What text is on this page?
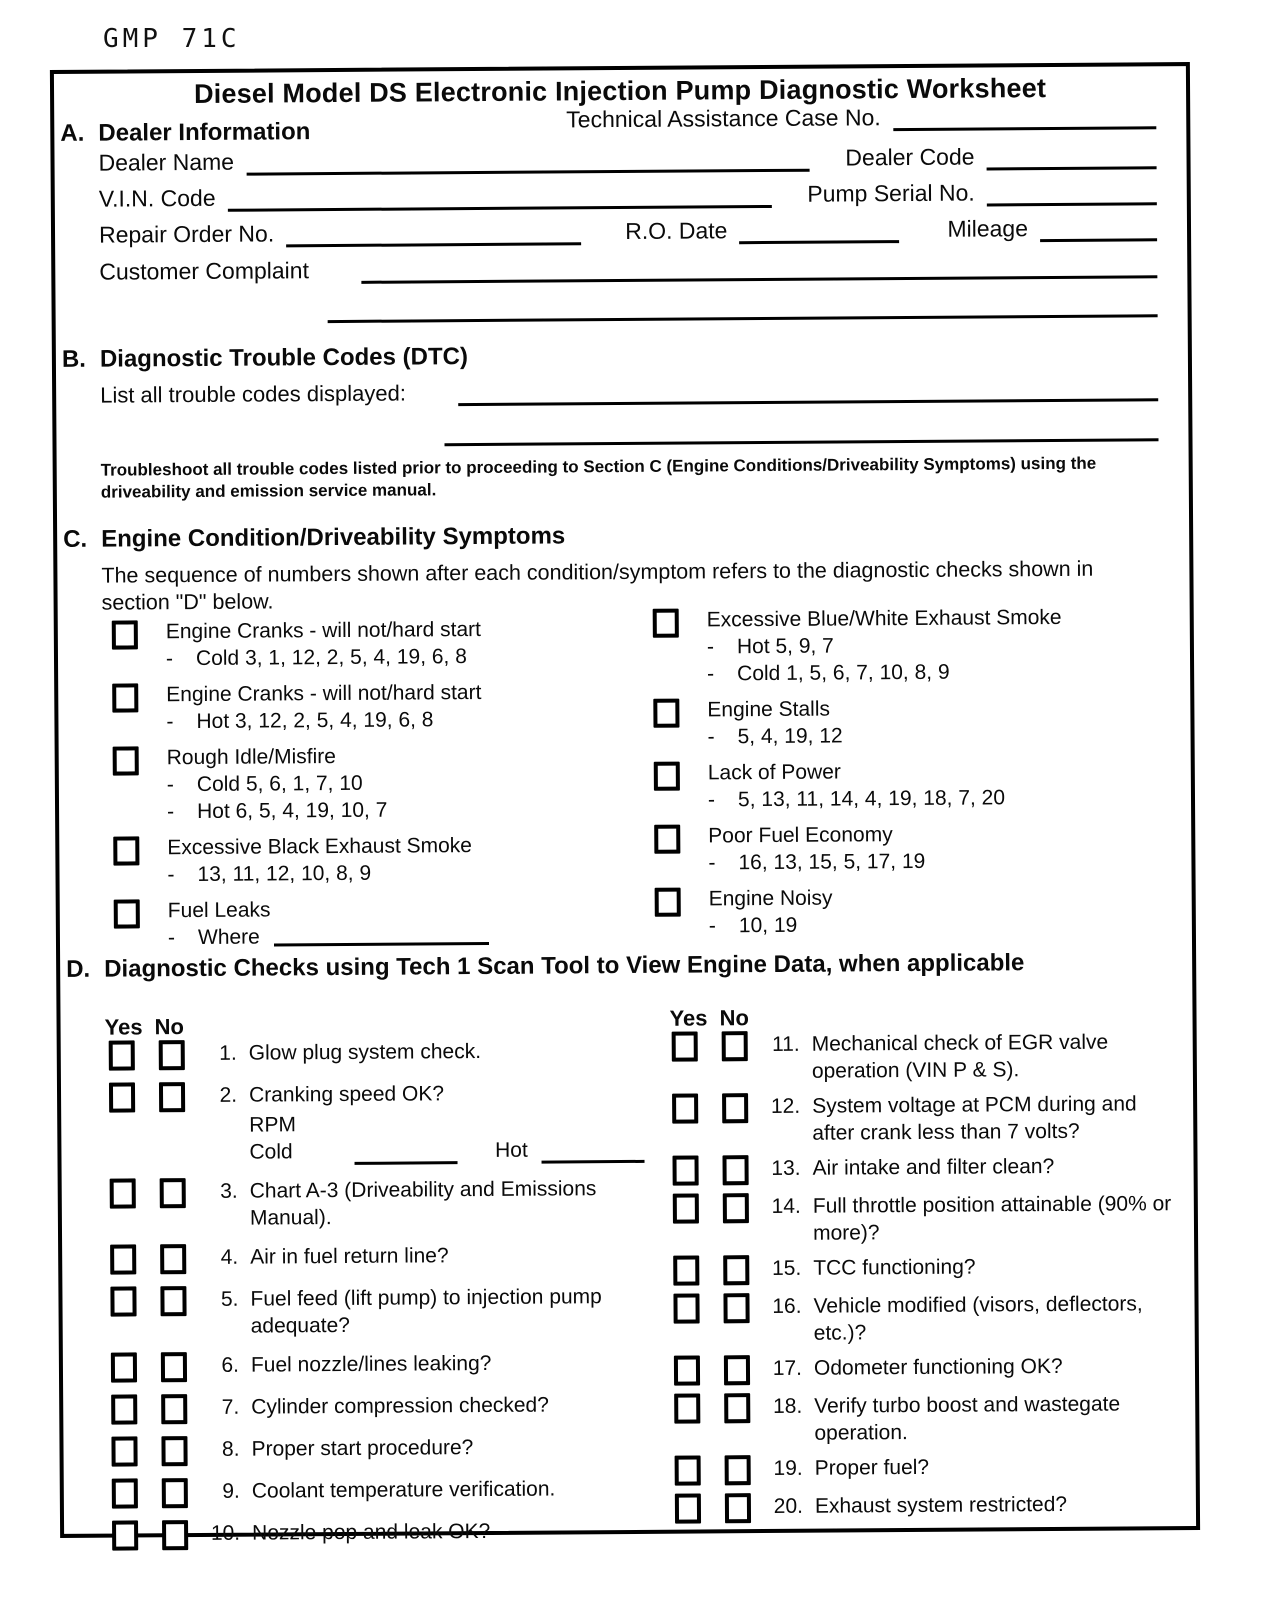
GMP 71C
Diesel Model DS Electronic Injection Pump Diagnostic Worksheet
A. Dealer Information	Technical Assistance Case No.
Dealer Name	Dealer Code
V.I.N. Code	Pump Serial No.
Repair Order No.	R.O. Date	Mileage
Customer Complaint
B. Diagnostic Trouble Codes (DTC)
List all trouble codes displayed:
Troubleshoot all trouble codes listed prior to proceeding to Section C (Engine Conditions/Driveability Symptoms) using the driveability and emission service manual.
C. Engine Condition/Driveability Symptoms
The sequence of numbers shown after each condition/symptom refers to the diagnostic checks shown in section "D" below.
Engine Cranks - will not/hard start
-	Cold 3, 1, 12, 2, 5, 4, 19, 6, 8
Engine Cranks - will not/hard start
-	Hot 3, 12, 2, 5, 4, 19, 6, 8
Rough Idle/Misfire
-	Cold 5, 6, 1, 7, 10
-	Hot 6, 5, 4, 19, 10, 7
Excessive Black Exhaust Smoke
-	13, 11, 12, 10, 8, 9
Fuel Leaks
-	Where
Excessive Blue/White Exhaust Smoke
-	Hot 5, 9, 7
-	Cold 1, 5, 6, 7, 10, 8, 9
Engine Stalls
-	5, 4, 19, 12
Lack of Power
-	5, 13, 11, 14, 4, 19, 18, 7, 20
Poor Fuel Economy
-	16, 13, 15, 5, 17, 19
Engine Noisy
-	10, 19
D. Diagnostic Checks using Tech 1 Scan Tool to View Engine Data, when applicable
Yes No
1. Glow plug system check.
2. Cranking speed OK?
RPM Cold	Hot
3. Chart A-3 (Driveability and Emissions Manual).
4. Air in fuel return line?
5. Fuel feed (lift pump) to injection pump adequate?
6. Fuel nozzle/lines leaking?
7. Cylinder compression checked?
8. Proper start procedure?
9. Coolant temperature verification.
10. Nozzle pop and leak OK?
Yes No
11. Mechanical check of EGR valve operation (VIN P & S).
12. System voltage at PCM during and after crank less than 7 volts?
13. Air intake and filter clean?
14. Full throttle position attainable (90% or more)?
15. TCC functioning?
16. Vehicle modified (visors, deflectors, etc.)?
17. Odometer functioning OK?
18. Verify turbo boost and wastegate operation.
19. Proper fuel?
20. Exhaust system restricted?
